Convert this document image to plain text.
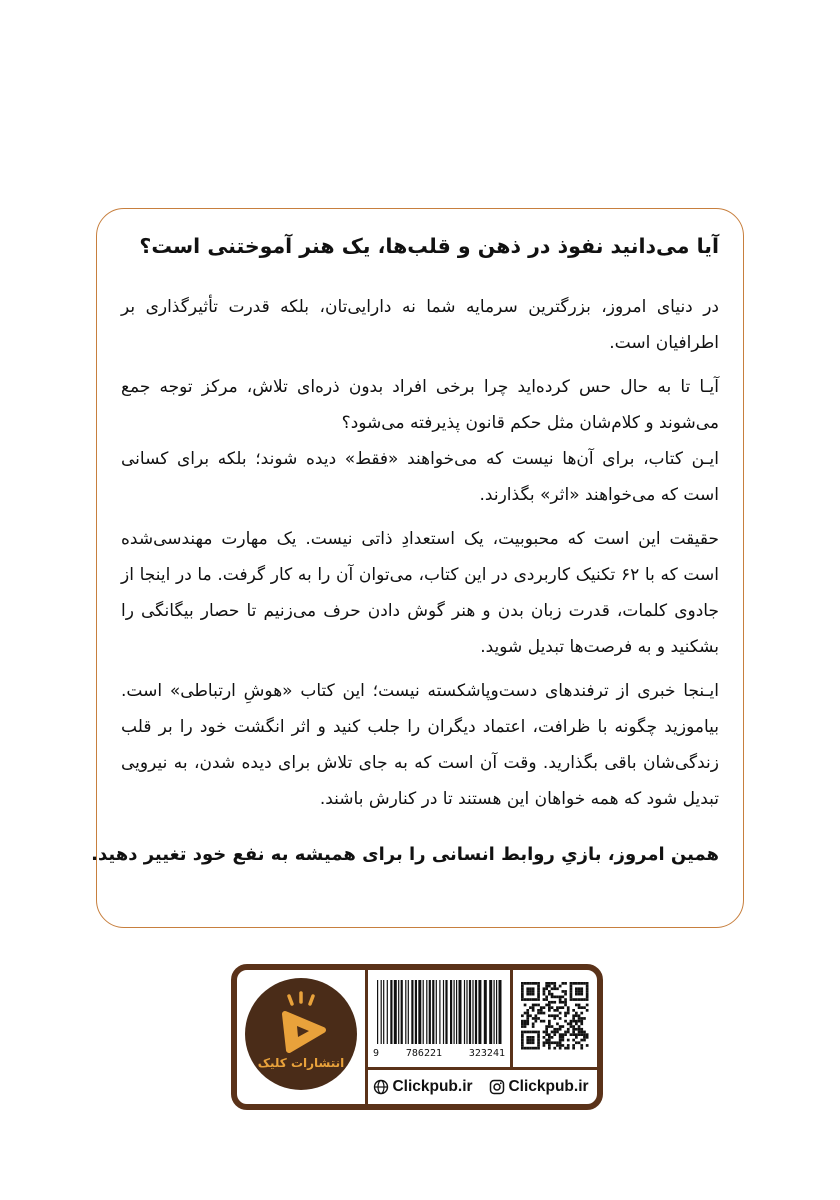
آیا می‌دانید نفوذ در ذهن و قلب‌ها، یک هنر آموختنی است؟

در دنیای امروز، بزرگترین سرمایه شما نه دارایی‌تان، بلکه قدرت تأثیرگذاری بر اطرافیان است.

آیـا تا به حال حس کرده‌اید چرا برخی افراد بدون ذره‌ای تلاش، مرکز توجه جمع می‌شوند و کلام‌شان مثل حکم قانون پذیرفته می‌شود؟

ایـن کتاب، برای آن‌ها نیست که می‌خواهند «فقط» دیده شوند؛ بلکه برای کسانی است که می‌خواهند «اثر» بگذارند.

حقیقت این است که محبوبیت، یک استعدادِ ذاتی نیست. یک مهارت مهندسی‌شده است که با ۶۲ تکنیک کاربردی در این کتاب، می‌توان آن را به کار گرفت. ما در اینجا از جادوی کلمات، قدرت زبان بدن و هنر گوش دادن حرف می‌زنیم تا حصار بیگانگی را بشکنید و به فرصت‌ها تبدیل شوید.

ایـنجا خبری از ترفندهای دست‌وپاشکسته نیست؛ این کتاب «هوشِ ارتباطی» است. بیاموزید چگونه با ظرافت، اعتماد دیگران را جلب کنید و اثر انگشت خود را بر قلب زندگی‌شان باقی بگذارید. وقت آن است که به جای تلاش برای دیده شدن، به نیرویی تبدیل شود که همه خواهان این هستند تا در کنارش باشند.

همین امروز، بازیِ روابط انسانی را برای همیشه به نفع خود تغییر دهید.
انتشارات کلیک
9	786221	323241
Clickpub.ir Clickpub.ir
